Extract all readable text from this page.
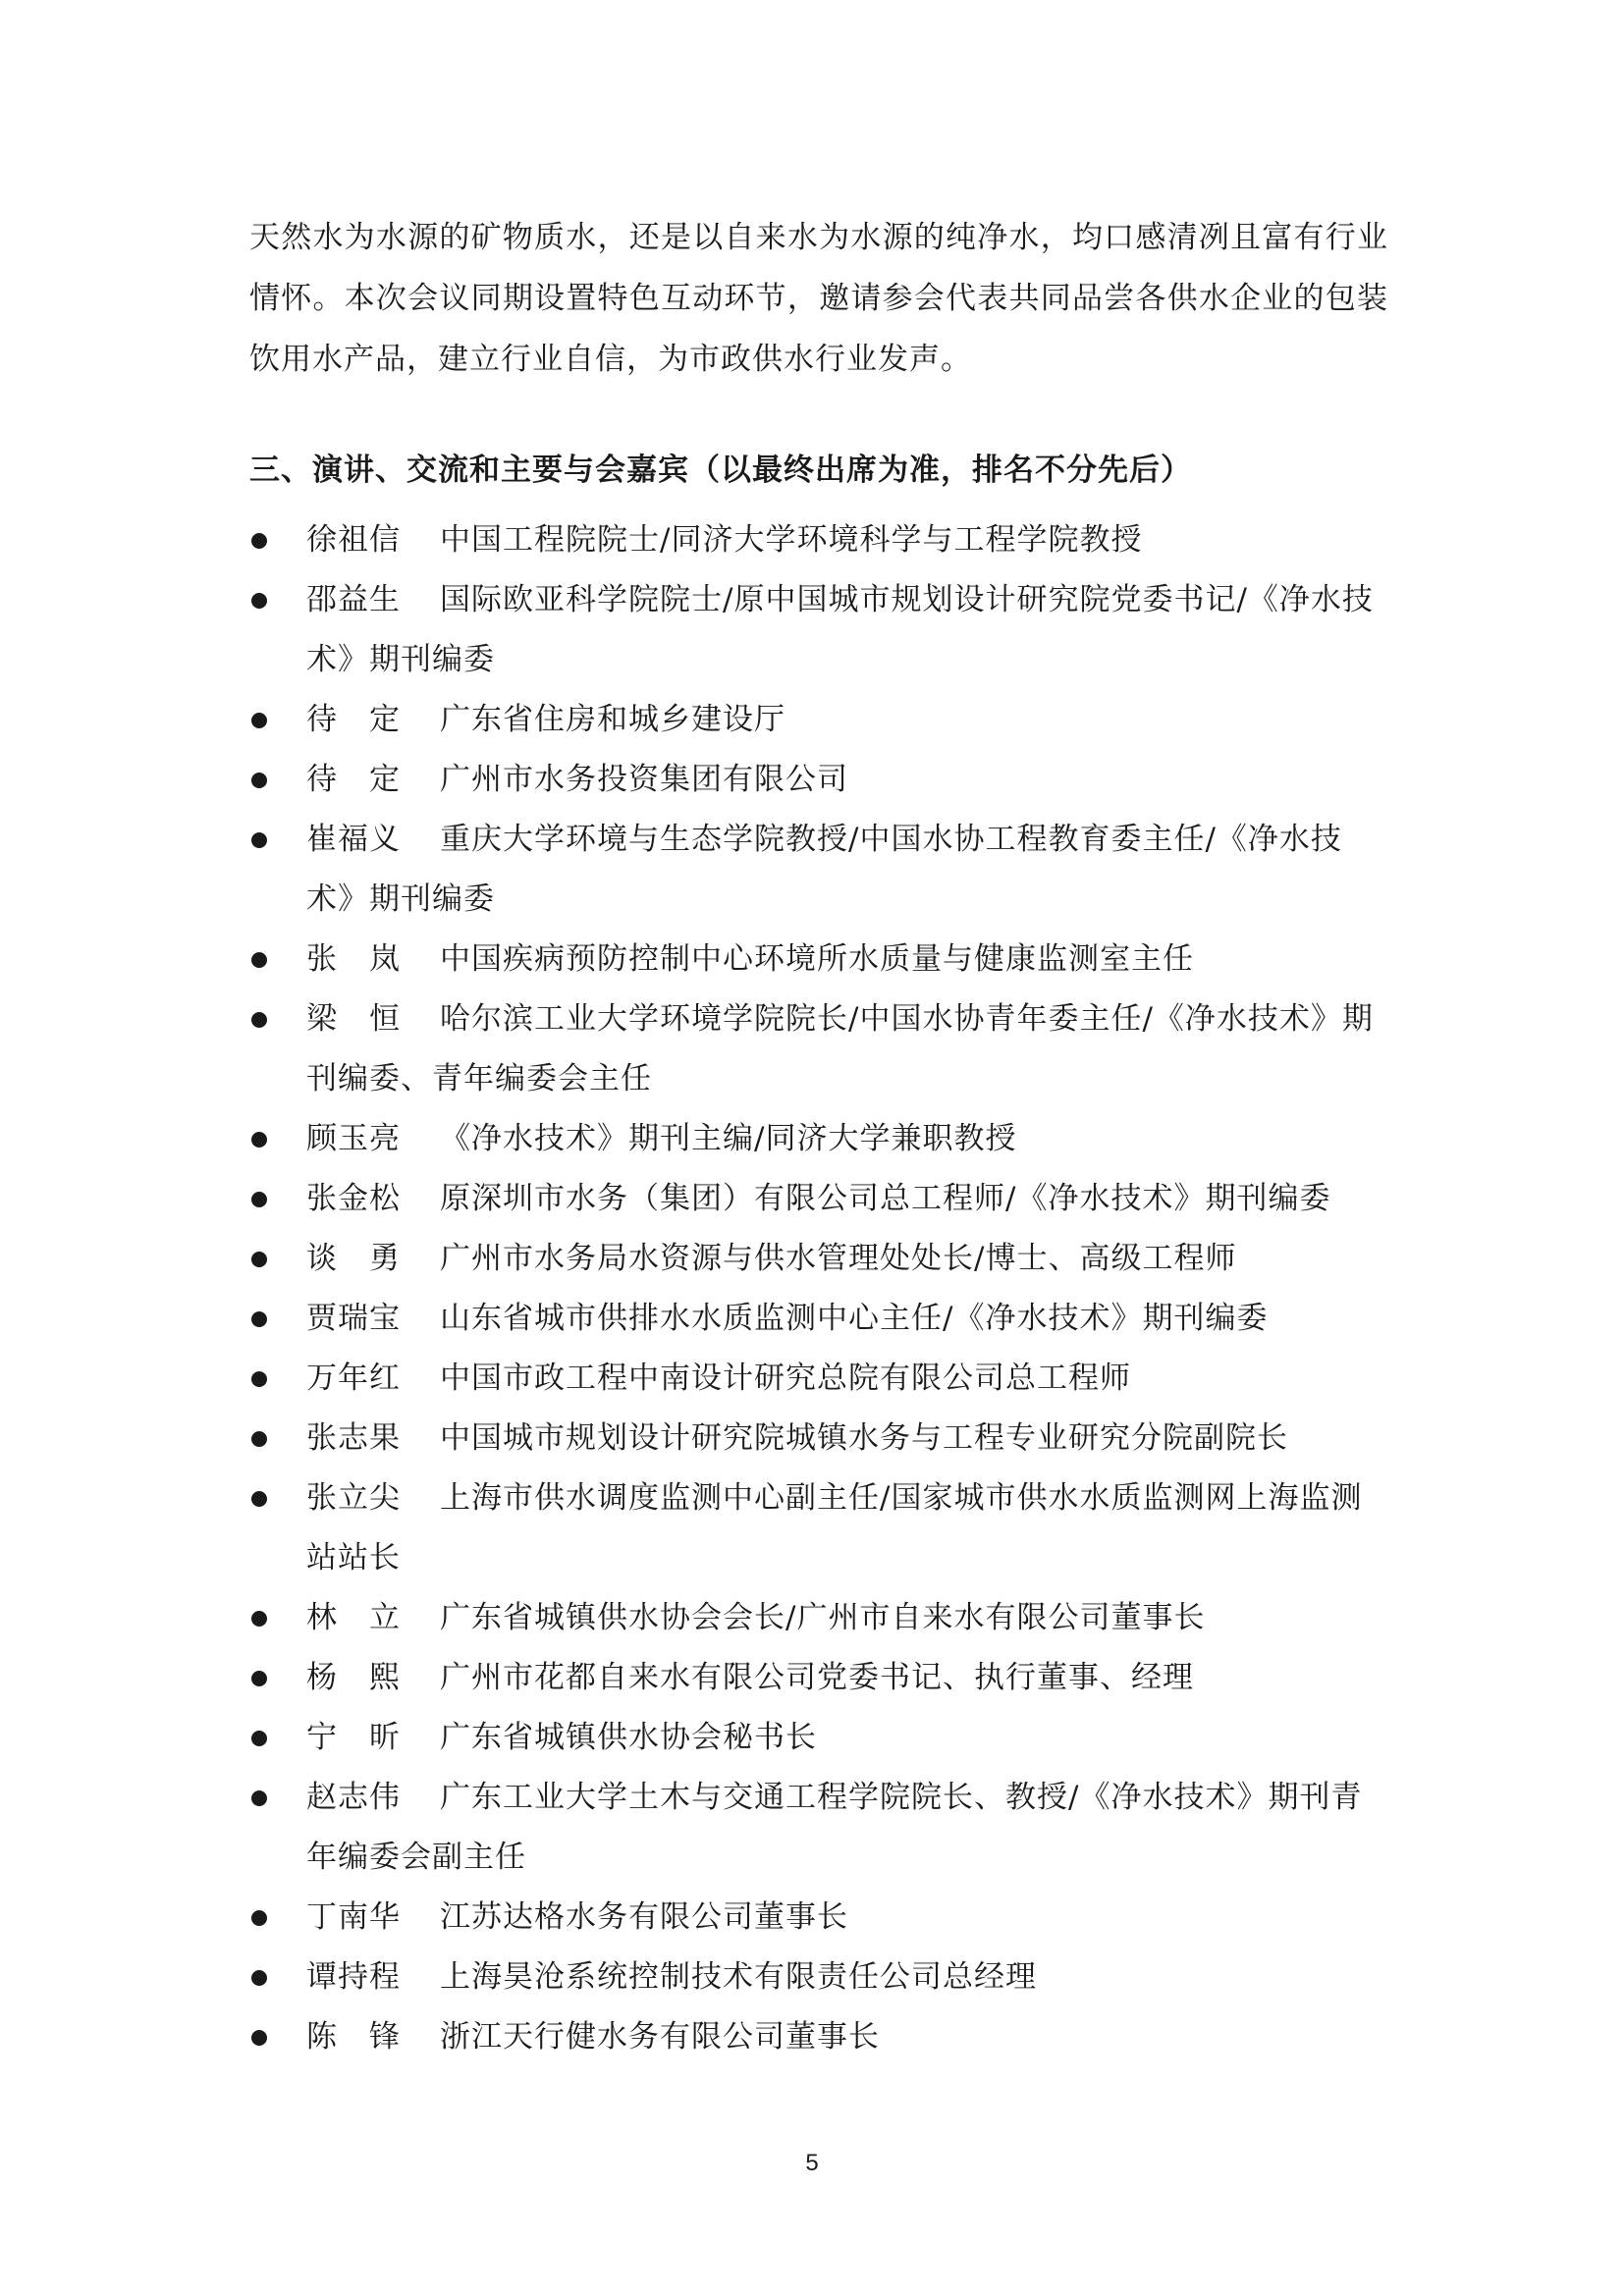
天然水为水源的矿物质水，还是以自来水为水源的纯净水，均口感清冽且富有行业情怀。本次会议同期设置特色互动环节，邀请参会代表共同品尝各供水企业的包装饮用水产品，建立行业自信，为市政供水行业发声。

三、演讲、交流和主要与会嘉宾（以最终出席为准，排名不分先后）
徐祖信 中国工程院院士/同济大学环境科学与工程学院教授
邵益生 国际欧亚科学院院士/原中国城市规划设计研究院党委书记/《净水技术》期刊编委
待　定 广东省住房和城乡建设厅
待　定 广州市水务投资集团有限公司
崔福义 重庆大学环境与生态学院教授/中国水协工程教育委主任/《净水技术》期刊编委
张　岚 中国疾病预防控制中心环境所水质量与健康监测室主任
梁　恒 哈尔滨工业大学环境学院院长/中国水协青年委主任/《净水技术》期刊编委、青年编委会主任
顾玉亮 《净水技术》期刊主编/同济大学兼职教授
张金松 原深圳市水务（集团）有限公司总工程师/《净水技术》期刊编委
谈　勇 广州市水务局水资源与供水管理处处长/博士、高级工程师
贾瑞宝 山东省城市供排水水质监测中心主任/《净水技术》期刊编委
万年红 中国市政工程中南设计研究总院有限公司总工程师
张志果 中国城市规划设计研究院城镇水务与工程专业研究分院副院长
张立尖 上海市供水调度监测中心副主任/国家城市供水水质监测网上海监测站站长
林　立 广东省城镇供水协会会长/广州市自来水有限公司董事长
杨　熙 广州市花都自来水有限公司党委书记、执行董事、经理
宁　昕 广东省城镇供水协会秘书长
赵志伟 广东工业大学土木与交通工程学院院长、教授/《净水技术》期刊青年编委会副主任
丁南华 江苏达格水务有限公司董事长
谭持程 上海昊沧系统控制技术有限责任公司总经理
陈　锋 浙江天行健水务有限公司董事长
5
